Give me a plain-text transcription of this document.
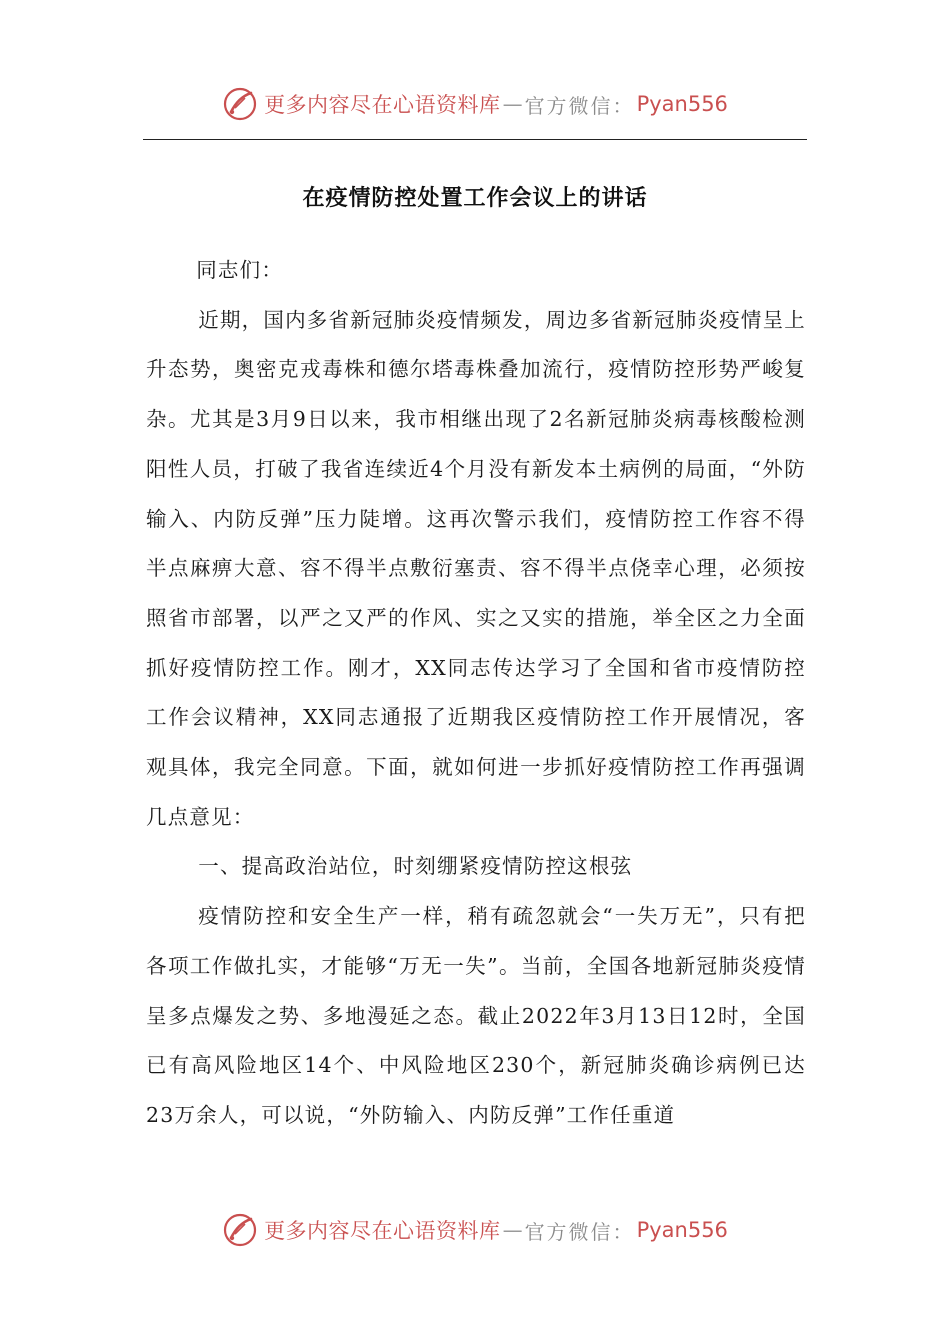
更多内容尽在心语资料库 — 官方微信： Pyan556
在疫情防控处置工作会议上的讲话

同志们：

近期，国内多省新冠肺炎疫情频发，周边多省新冠肺炎疫情呈上升态势，奥密克戎毒株和德尔塔毒株叠加流行，疫情防控形势严峻复杂。尤其是3月9日以来，我市相继出现了2名新冠肺炎病毒核酸检测阳性人员，打破了我省连续近4个月没有新发本土病例的局面，“外防输入、内防反弹”压力陡增。这再次警示我们，疫情防控工作容不得半点麻痹大意、容不得半点敷衍塞责、容不得半点侥幸心理，必须按照省市部署，以严之又严的作风、实之又实的措施，举全区之力全面抓好疫情防控工作。刚才，XX同志传达学习了全国和省市疫情防控工作会议精神，XX同志通报了近期我区疫情防控工作开展情况，客观具体，我完全同意。下面，就如何进一步抓好疫情防控工作再强调几点意见：

一、提高政治站位，时刻绷紧疫情防控这根弦

疫情防控和安全生产一样，稍有疏忽就会“一失万无”，只有把各项工作做扎实，才能够“万无一失”。当前，全国各地新冠肺炎疫情呈多点爆发之势、多地漫延之态。截止2022年3月13日12时，全国已有高风险地区14个、中风险地区230个，新冠肺炎确诊病例已达23万余人，可以说，“外防输入、内防反弹”工作任重道

更多内容尽在心语资料库 — 官方微信： Pyan556
